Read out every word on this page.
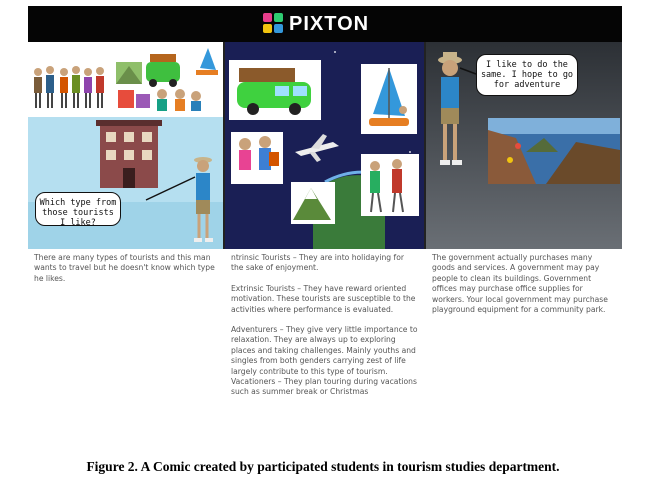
PIXTON
Which type from those tourists I like?
I like to do the same. I hope to go for adventure

There are many types of tourists and this man wants to travel but he doesn't know which type he likes.

ntrinsic Tourists – They are into holidaying for the sake of enjoyment.

Extrinsic Tourists – They have reward oriented motivation. These tourists are susceptible to the activities where performance is evaluated.

Adventurers – They give very little importance to relaxation. They are always up to exploring places and taking challenges. Mainly youths and singles from both genders carrying zest of life largely contribute to this type of tourism.

Vacationers – They plan touring during vacations such as summer break or Christmas

The government actually purchases many goods and services. A government may pay people to clean its buildings. Government offices may purchase office supplies for workers. Your local government may purchase playground equipment for a community park.

Figure 2. A Comic created by participated students in tourism studies department.
